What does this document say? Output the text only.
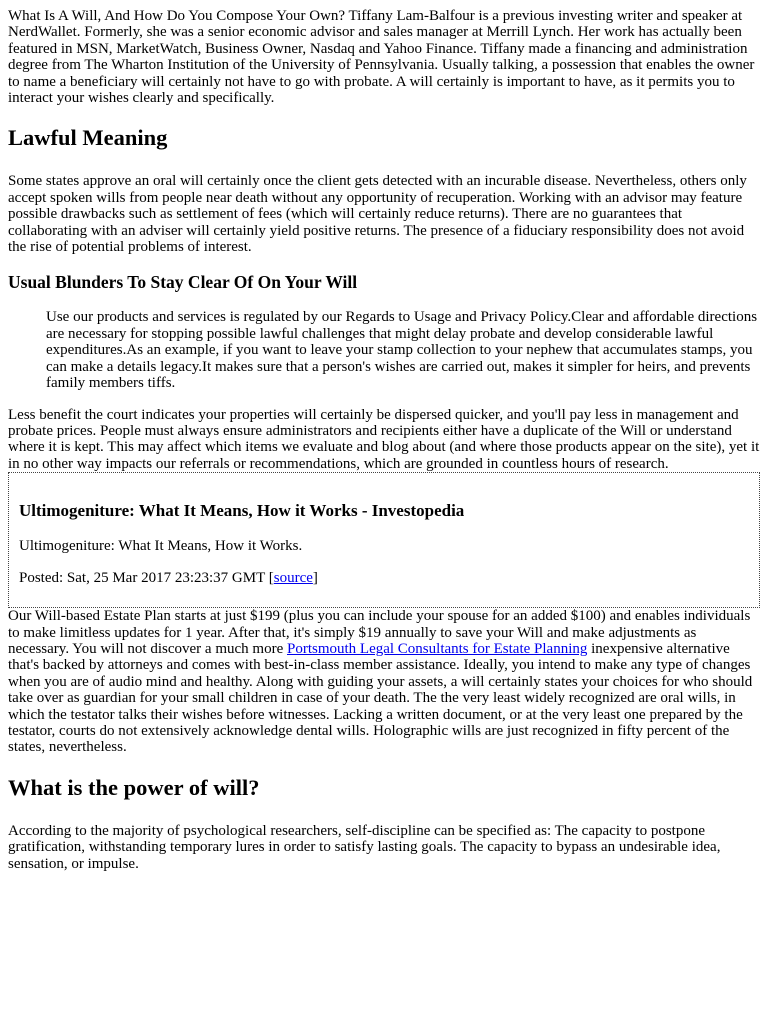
What Is A Will, And How Do You Compose Your Own? Tiffany Lam-Balfour is a previous investing writer and speaker at NerdWallet. Formerly, she was a senior economic advisor and sales manager at Merrill Lynch. Her work has actually been featured in MSN, MarketWatch, Business Owner, Nasdaq and Yahoo Finance. Tiffany made a financing and administration degree from The Wharton Institution of the University of Pennsylvania. Usually talking, a possession that enables the owner to name a beneficiary will certainly not have to go with probate. A will certainly is important to have, as it permits you to interact your wishes clearly and specifically.

Lawful Meaning

Some states approve an oral will certainly once the client gets detected with an incurable disease. Nevertheless, others only accept spoken wills from people near death without any opportunity of recuperation. Working with an advisor may feature possible drawbacks such as settlement of fees (which will certainly reduce returns). There are no guarantees that collaborating with an adviser will certainly yield positive returns. The presence of a fiduciary responsibility does not avoid the rise of potential problems of interest.

Usual Blunders To Stay Clear Of On Your Will

Use our products and services is regulated by our Regards to Usage and Privacy Policy.Clear and affordable directions are necessary for stopping possible lawful challenges that might delay probate and develop considerable lawful expenditures.As an example, if you want to leave your stamp collection to your nephew that accumulates stamps, you can make a details legacy.It makes sure that a person's wishes are carried out, makes it simpler for heirs, and prevents family members tiffs.

Less benefit the court indicates your properties will certainly be dispersed quicker, and you'll pay less in management and probate prices. People must always ensure administrators and recipients either have a duplicate of the Will or understand where it is kept. This may affect which items we evaluate and blog about (and where those products appear on the site), yet it in no other way impacts our referrals or recommendations, which are grounded in countless hours of research.

Ultimogeniture: What It Means, How it Works - Investopedia

Ultimogeniture: What It Means, How it Works.

Posted: Sat, 25 Mar 2017 23:23:37 GMT [source]

Our Will-based Estate Plan starts at just $199 (plus you can include your spouse for an added $100) and enables individuals to make limitless updates for 1 year. After that, it's simply $19 annually to save your Will and make adjustments as necessary. You will not discover a much more Portsmouth Legal Consultants for Estate Planning inexpensive alternative that's backed by attorneys and comes with best-in-class member assistance. Ideally, you intend to make any type of changes when you are of audio mind and healthy. Along with guiding your assets, a will certainly states your choices for who should take over as guardian for your small children in case of your death. The the very least widely recognized are oral wills, in which the testator talks their wishes before witnesses. Lacking a written document, or at the very least one prepared by the testator, courts do not extensively acknowledge dental wills. Holographic wills are just recognized in fifty percent of the states, nevertheless.

What is the power of will?

According to the majority of psychological researchers, self-discipline can be specified as: The capacity to postpone gratification, withstanding temporary lures in order to satisfy lasting goals. The capacity to bypass an undesirable idea, sensation, or impulse.
